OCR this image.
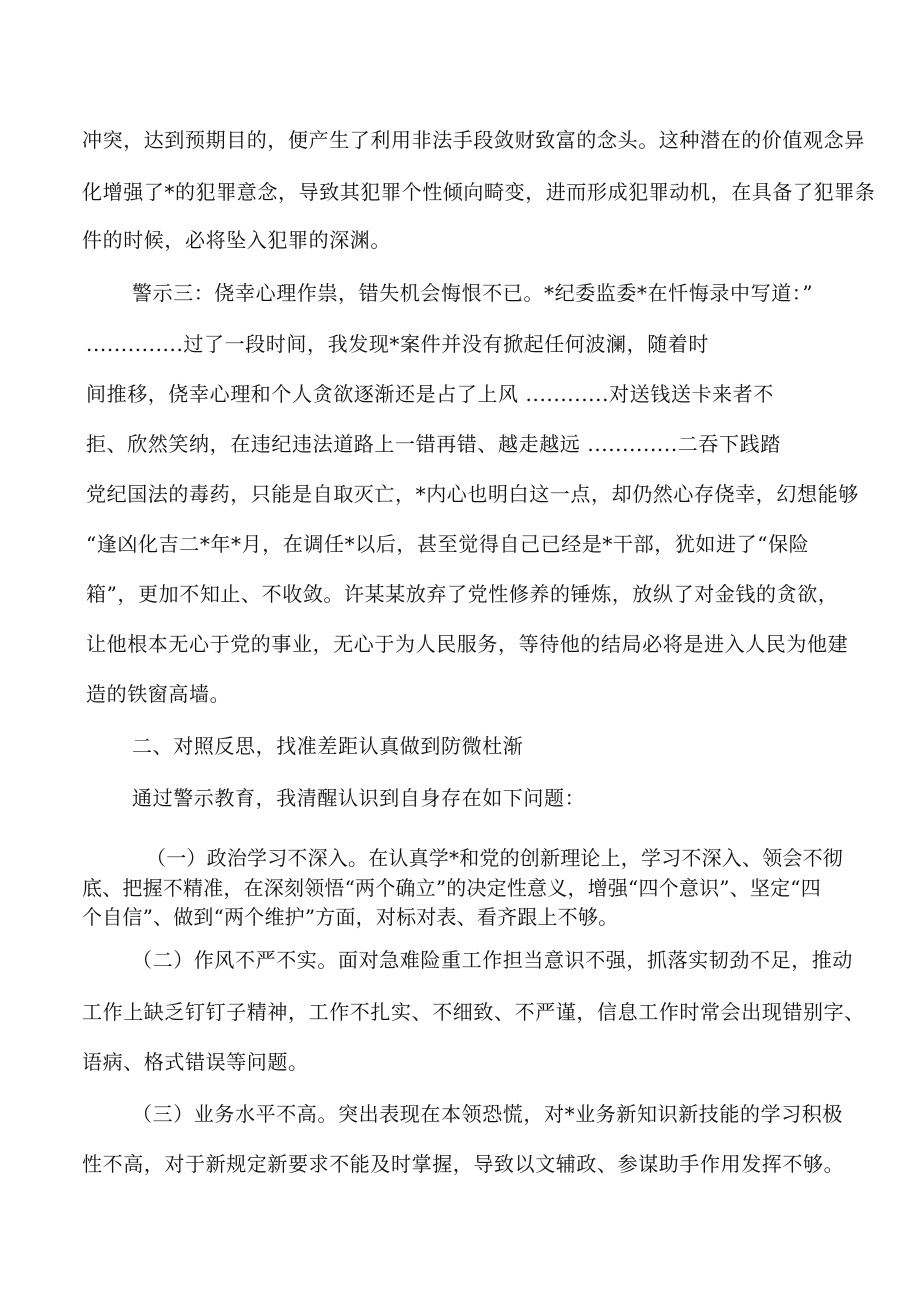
冲突，达到预期目的，便产生了利用非法手段敛财致富的念头。这种潜在的价值观念异
化增强了*的犯罪意念，导致其犯罪个性倾向畸变，进而形成犯罪动机，在具备了犯罪条
件的时候，必将坠入犯罪的深渊。
警示三：侥幸心理作祟，错失机会悔恨不已。*纪委监委*在忏悔录中写道：”
..............过了一段时间，我发现*案件并没有掀起任何波澜，随着时
间推移，侥幸心理和个人贪欲逐渐还是占了上风 ............对送钱送卡来者不
拒、欣然笑纳，在违纪违法道路上一错再错、越走越远 .............二吞下践踏
党纪国法的毒药，只能是自取灭亡，*内心也明白这一点，却仍然心存侥幸，幻想能够
“逢凶化吉二*年*月，在调任*以后，甚至觉得自己已经是*干部，犹如进了“保险
箱”，更加不知止、不收敛。许某某放弃了党性修养的锤炼，放纵了对金钱的贪欲，
让他根本无心于党的事业，无心于为人民服务，等待他的结局必将是进入人民为他建
造的铁窗高墙。
二、对照反思，找准差距认真做到防微杜渐
通过警示教育，我清醒认识到自身存在如下问题：
（一）政治学习不深入。在认真学*和党的创新理论上，学习不深入、领会不彻
底、把握不精准，在深刻领悟“两个确立”的决定性意义，增强“四个意识”、坚定“四
个自信”、做到“两个维护”方面，对标对表、看齐跟上不够。
（二）作风不严不实。面对急难险重工作担当意识不强，抓落实韧劲不足，推动
工作上缺乏钉钉子精神，工作不扎实、不细致、不严谨，信息工作时常会出现错别字、
语病、格式错误等问题。
（三）业务水平不高。突出表现在本领恐慌，对*业务新知识新技能的学习积极
性不高，对于新规定新要求不能及时掌握，导致以文辅政、参谋助手作用发挥不够。
